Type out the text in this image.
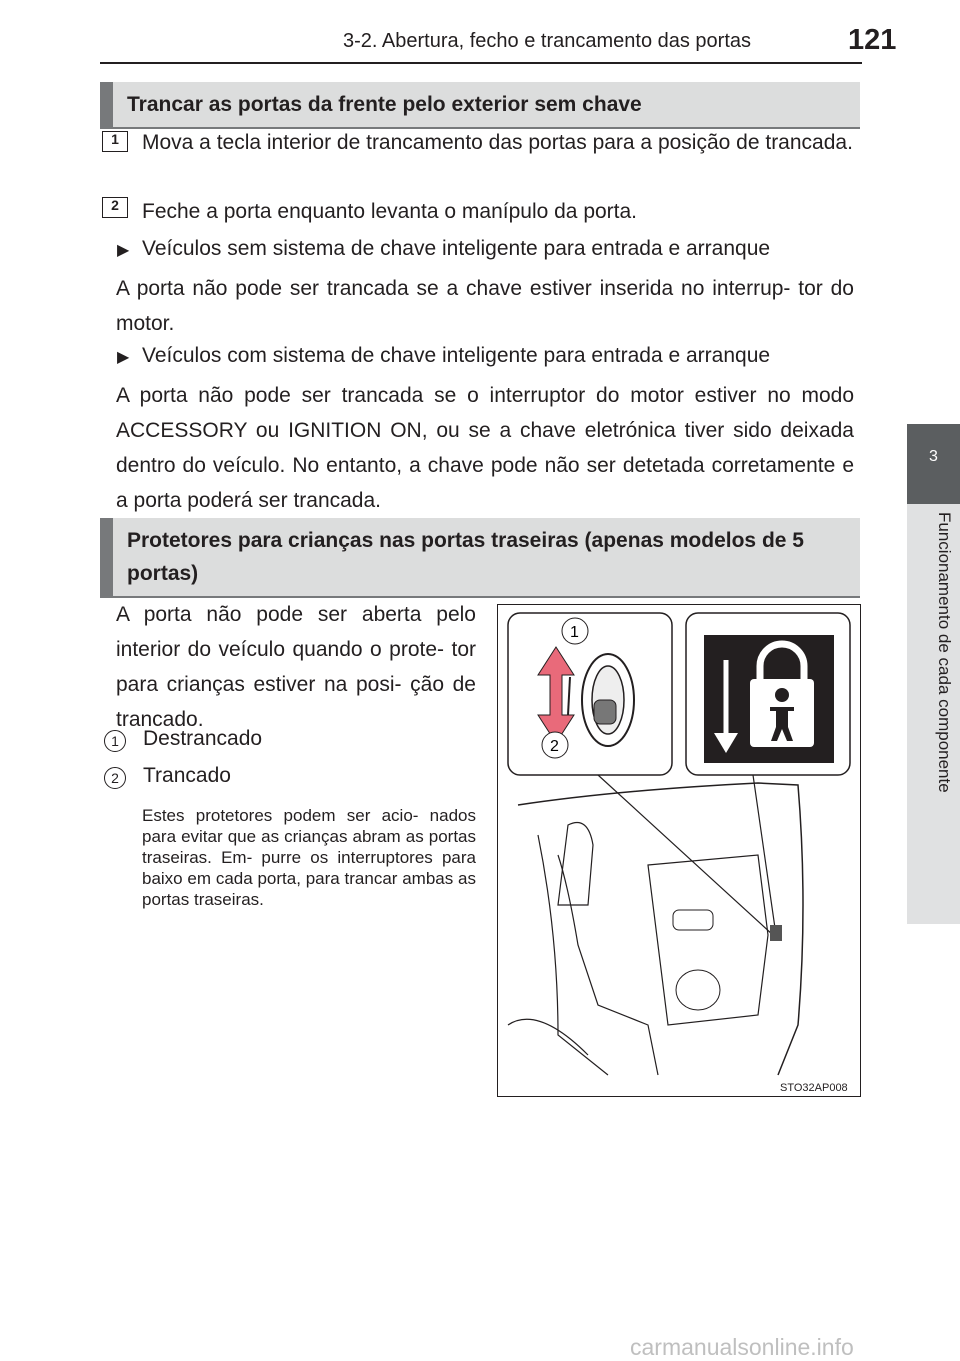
3-2. Abertura, fecho e trancamento das portas	121
3
Funcionamento de cada componente
Trancar as portas da frente pelo exterior sem chave
1	Mova a tecla interior de trancamento das portas para a posição de trancada.
2	Feche a porta enquanto levanta o manípulo da porta.
▶ Veículos sem sistema de chave inteligente para entrada e arranque
A porta não pode ser trancada se a chave estiver inserida no interrup- tor do motor.
▶ Veículos com sistema de chave inteligente para entrada e arranque
A porta não pode ser trancada se o interruptor do motor estiver no modo ACCESSORY ou IGNITION ON, ou se a chave eletrónica tiver sido deixada dentro do veículo. No entanto, a chave pode não ser detetada corretamente e a porta poderá ser trancada.
Protetores para crianças nas portas traseiras (apenas modelos de 5 portas)
A porta não pode ser aberta pelo interior do veículo quando o prote- tor para crianças estiver na posi- ção de trancado.
1	Destrancado
2	Trancado
Estes protetores podem ser acio- nados para evitar que as crianças abram as portas traseiras. Em- purre os interruptores para baixo em cada porta, para trancar ambas as portas traseiras.
1
2
STO32AP008
carmanualsonline.info
